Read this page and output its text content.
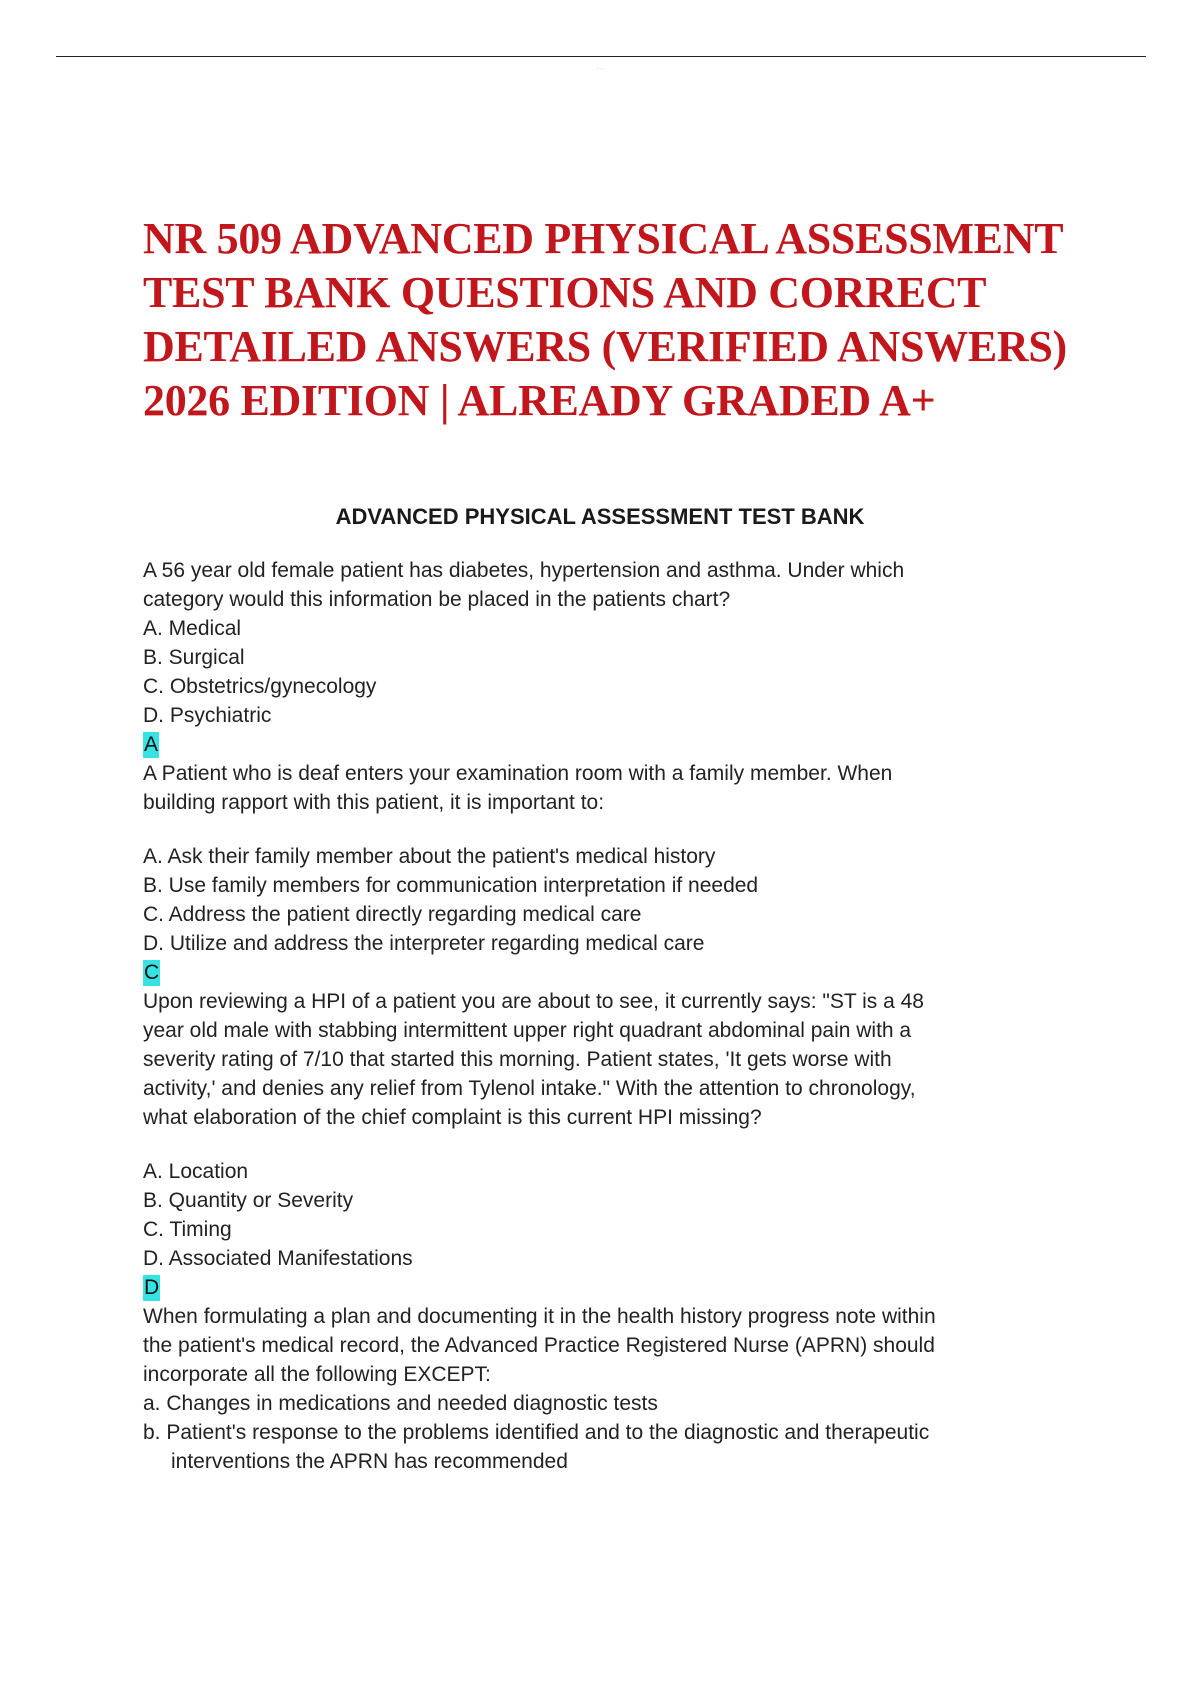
·······
NR 509 ADVANCED PHYSICAL ASSESSMENT
TEST BANK QUESTIONS AND CORRECT
DETAILED ANSWERS (VERIFIED ANSWERS)
2026 EDITION | ALREADY GRADED A+
ADVANCED PHYSICAL ASSESSMENT TEST BANK

A 56 year old female patient has diabetes, hypertension and asthma. Under which
category would this information be placed in the patients chart?

A. Medical

B. Surgical

C. Obstetrics/gynecology

D. Psychiatric

A

A Patient who is deaf enters your examination room with a family member. When
building rapport with this patient, it is important to:

A. Ask their family member about the patient's medical history

B. Use family members for communication interpretation if needed

C. Address the patient directly regarding medical care

D. Utilize and address the interpreter regarding medical care

C

Upon reviewing a HPI of a patient you are about to see, it currently says: "ST is a 48
year old male with stabbing intermittent upper right quadrant abdominal pain with a
severity rating of 7/10 that started this morning. Patient states, 'It gets worse with
activity,' and denies any relief from Tylenol intake." With the attention to chronology,
what elaboration of the chief complaint is this current HPI missing?

A. Location

B. Quantity or Severity

C. Timing

D. Associated Manifestations

D

When formulating a plan and documenting it in the health history progress note within
the patient's medical record, the Advanced Practice Registered Nurse (APRN) should
incorporate all the following EXCEPT:

a. Changes in medications and needed diagnostic tests

b. Patient's response to the problems identified and to the diagnostic and therapeutic

interventions the APRN has recommended
